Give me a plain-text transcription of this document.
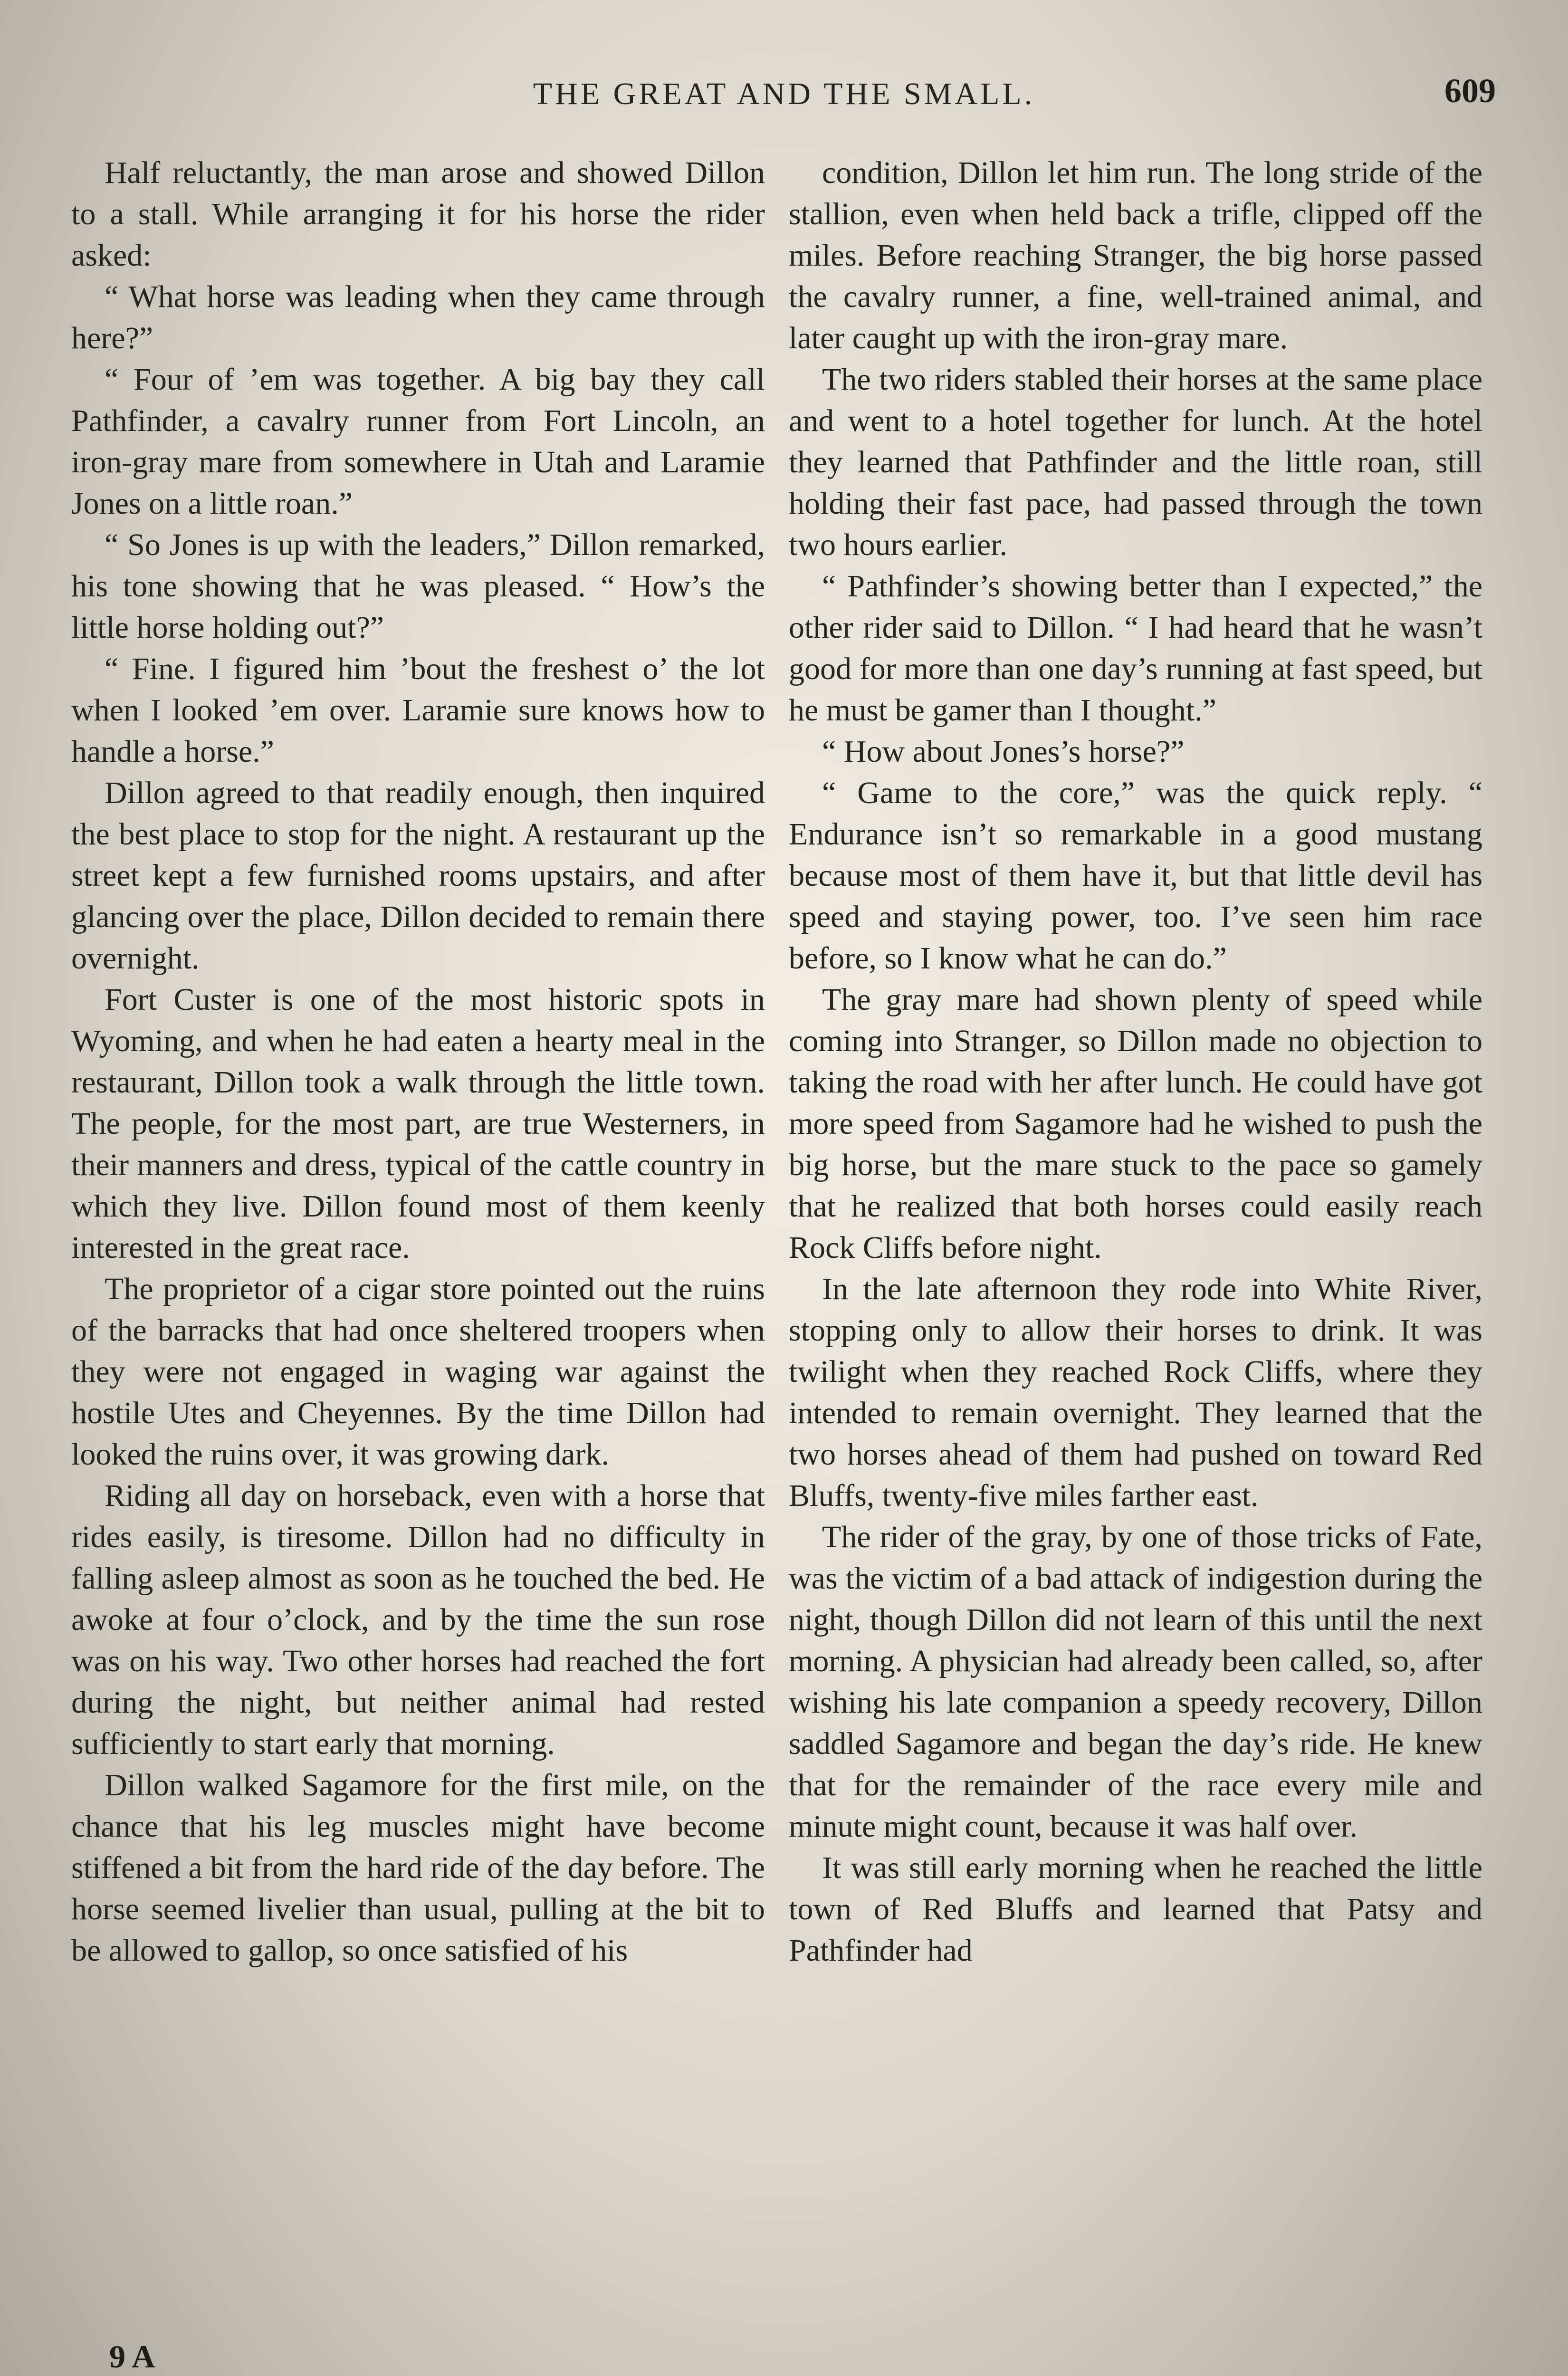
THE GREAT AND THE SMALL.	609

Half reluctantly, the man arose and showed Dillon to a stall. While arranging it for his horse the rider asked:

“ What horse was leading when they came through here?”

“ Four of ’em was together. A big bay they call Pathfinder, a cavalry runner from Fort Lincoln, an iron-gray mare from somewhere in Utah and Laramie Jones on a little roan.”

“ So Jones is up with the leaders,” Dillon remarked, his tone showing that he was pleased. “ How’s the little horse holding out?”

“ Fine. I figured him ’bout the freshest o’ the lot when I looked ’em over. Laramie sure knows how to handle a horse.”

Dillon agreed to that readily enough, then inquired the best place to stop for the night. A restaurant up the street kept a few furnished rooms upstairs, and after glancing over the place, Dillon decided to remain there overnight.

Fort Custer is one of the most historic spots in Wyoming, and when he had eaten a hearty meal in the restaurant, Dillon took a walk through the little town. The people, for the most part, are true Westerners, in their manners and dress, typical of the cattle country in which they live. Dillon found most of them keenly interested in the great race.

The proprietor of a cigar store pointed out the ruins of the barracks that had once sheltered troopers when they were not engaged in waging war against the hostile Utes and Cheyennes. By the time Dillon had looked the ruins over, it was growing dark.

Riding all day on horseback, even with a horse that rides easily, is tiresome. Dillon had no difficulty in falling asleep almost as soon as he touched the bed. He awoke at four o’clock, and by the time the sun rose was on his way. Two other horses had reached the fort during the night, but neither animal had rested sufficiently to start early that morning.

Dillon walked Sagamore for the first mile, on the chance that his leg muscles might have become stiffened a bit from the hard ride of the day before. The horse seemed livelier than usual, pulling at the bit to be allowed to gallop, so once satisfied of his

condition, Dillon let him run. The long stride of the stallion, even when held back a trifle, clipped off the miles. Before reaching Stranger, the big horse passed the cavalry runner, a fine, well-trained animal, and later caught up with the iron-gray mare.

The two riders stabled their horses at the same place and went to a hotel together for lunch. At the hotel they learned that Pathfinder and the little roan, still holding their fast pace, had passed through the town two hours earlier.

“ Pathfinder’s showing better than I expected,” the other rider said to Dillon. “ I had heard that he wasn’t good for more than one day’s running at fast speed, but he must be gamer than I thought.”

“ How about Jones’s horse?”

“ Game to the core,” was the quick reply. “ Endurance isn’t so remarkable in a good mustang because most of them have it, but that little devil has speed and staying power, too. I’ve seen him race before, so I know what he can do.”

The gray mare had shown plenty of speed while coming into Stranger, so Dillon made no objection to taking the road with her after lunch. He could have got more speed from Sagamore had he wished to push the big horse, but the mare stuck to the pace so gamely that he realized that both horses could easily reach Rock Cliffs before night.

In the late afternoon they rode into White River, stopping only to allow their horses to drink. It was twilight when they reached Rock Cliffs, where they intended to remain overnight. They learned that the two horses ahead of them had pushed on toward Red Bluffs, twenty-five miles farther east.

The rider of the gray, by one of those tricks of Fate, was the victim of a bad attack of indigestion during the night, though Dillon did not learn of this until the next morning. A physician had already been called, so, after wishing his late companion a speedy recovery, Dillon saddled Sagamore and began the day’s ride. He knew that for the remainder of the race every mile and minute might count, because it was half over.

It was still early morning when he reached the little town of Red Bluffs and learned that Patsy and Pathfinder had

9 A
